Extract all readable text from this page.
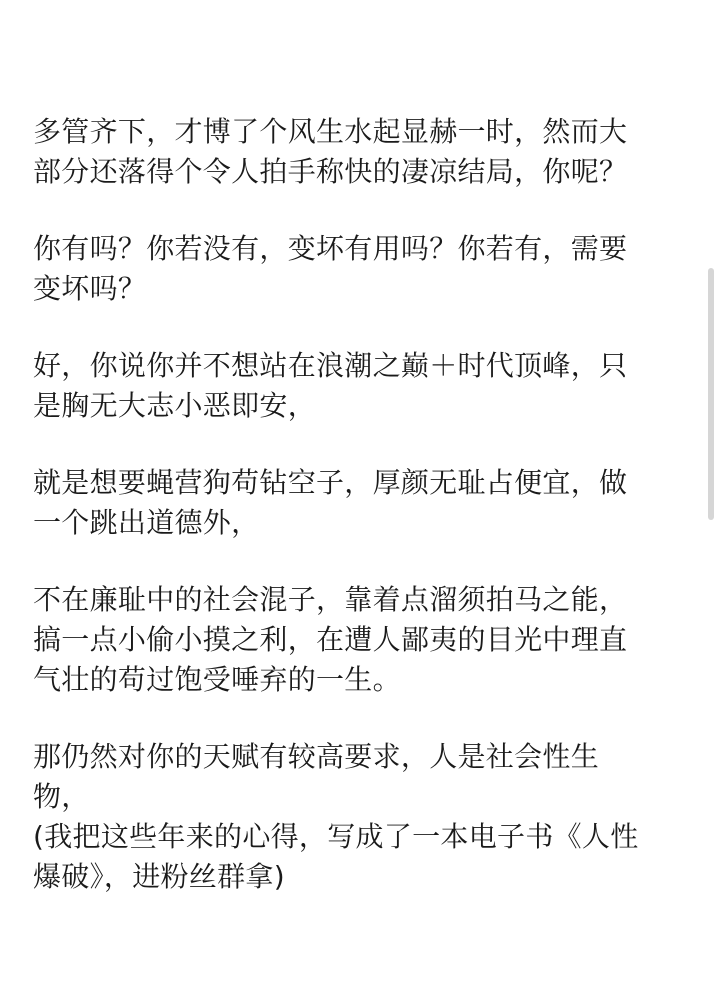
多管齐下，才博了个风生水起显赫一时，然而大
部分还落得个令人拍手称快的凄凉结局，你呢？

你有吗？你若没有，变坏有用吗？你若有，需要
变坏吗？

好，你说你并不想站在浪潮之巅＋时代顶峰，只
是胸无大志小恶即安，

就是想要蝇营狗苟钻空子，厚颜无耻占便宜，做
一个跳出道德外，

不在廉耻中的社会混子，靠着点溜须拍马之能，
搞一点小偷小摸之利，在遭人鄙夷的目光中理直
气壮的苟过饱受唾弃的一生。

那仍然对你的天赋有较高要求，人是社会性生
物，

(我把这些年来的心得，写成了一本电子书《人性
爆破》，进粉丝群拿)
